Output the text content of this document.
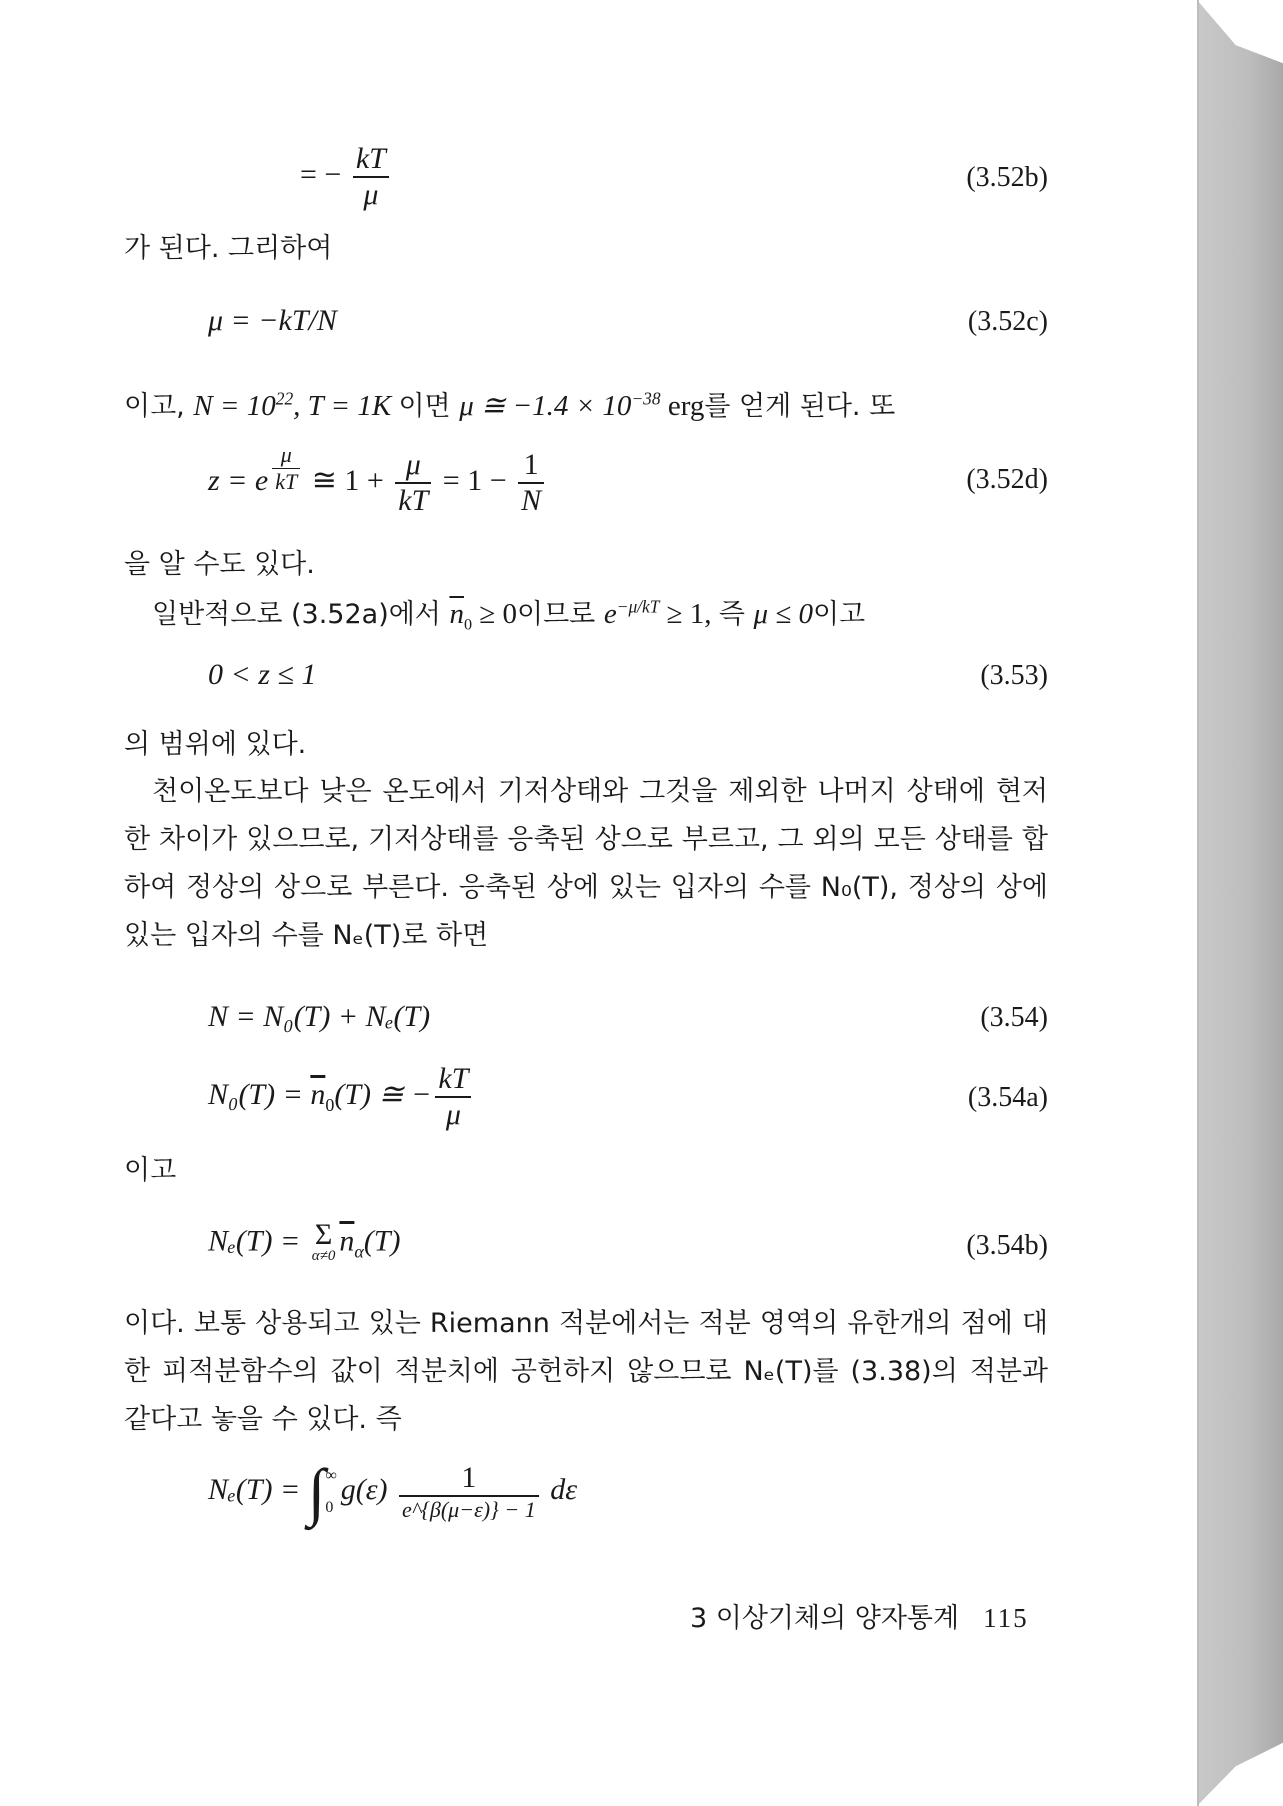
= − $\frac{kT}{\mu}$	(3.52b)
가 된다. 그리하여
μ = −kT/N	(3.52c)
이고, $N = 10^{22}$, T = 1K 이면 μ ≅ $-1.4 \times 10^{-38}$ erg를 얻게 된다. 또
z = e $\frac{\mu}{kT}$ ≅ $1 + \frac{\mu}{kT} = 1 - \frac{1}{N}$	(3.52d)
을 알 수도 있다.
일반적으로 (3.52a)에서 $\overline{n}_0 \ge 0$이므로 $e^{-\mu/kT} \ge 1$, 즉 μ ≤ 0이고
0 < z ≤ 1	(3.53)
의 범위에 있다.
천이온도보다 낮은 온도에서 기저상태와 그것을 제외한 나머지 상태에 현저한 차이가 있으므로, 기저상태를 응축된 상으로 부르고, 그 외의 모든 상태를 합하여 정상의 상으로 부른다. 응축된 상에 있는 입자의 수를 N₀(T), 정상의 상에 있는 입자의 수를 Nₑ(T)로 하면
N = N₀(T) + Nₑ(T)	(3.54)
$N_0(T) = \overline{n}_0(T)$ ≅ − $\frac{kT}{\mu}$	(3.54a)
이고
Nₑ(T) = Σ
α≠0 $\overline{n}_\alpha(T)$	(3.54b)
이다. 보통 상용되고 있는 Riemann 적분에서는 적분 영역의 유한개의 점에 대한 피적분함수의 값이 적분치에 공헌하지 않으므로 Nₑ(T)를 (3.38)의 적분과 같다고 놓을 수 있다. 즉
Nₑ(T) = ∫ ∞
0
$g(\varepsilon) \frac{1}{e\^{}\{\beta(\mu-\varepsilon)\} - 1}$ dε
3 이상기체의 양자통계 115
